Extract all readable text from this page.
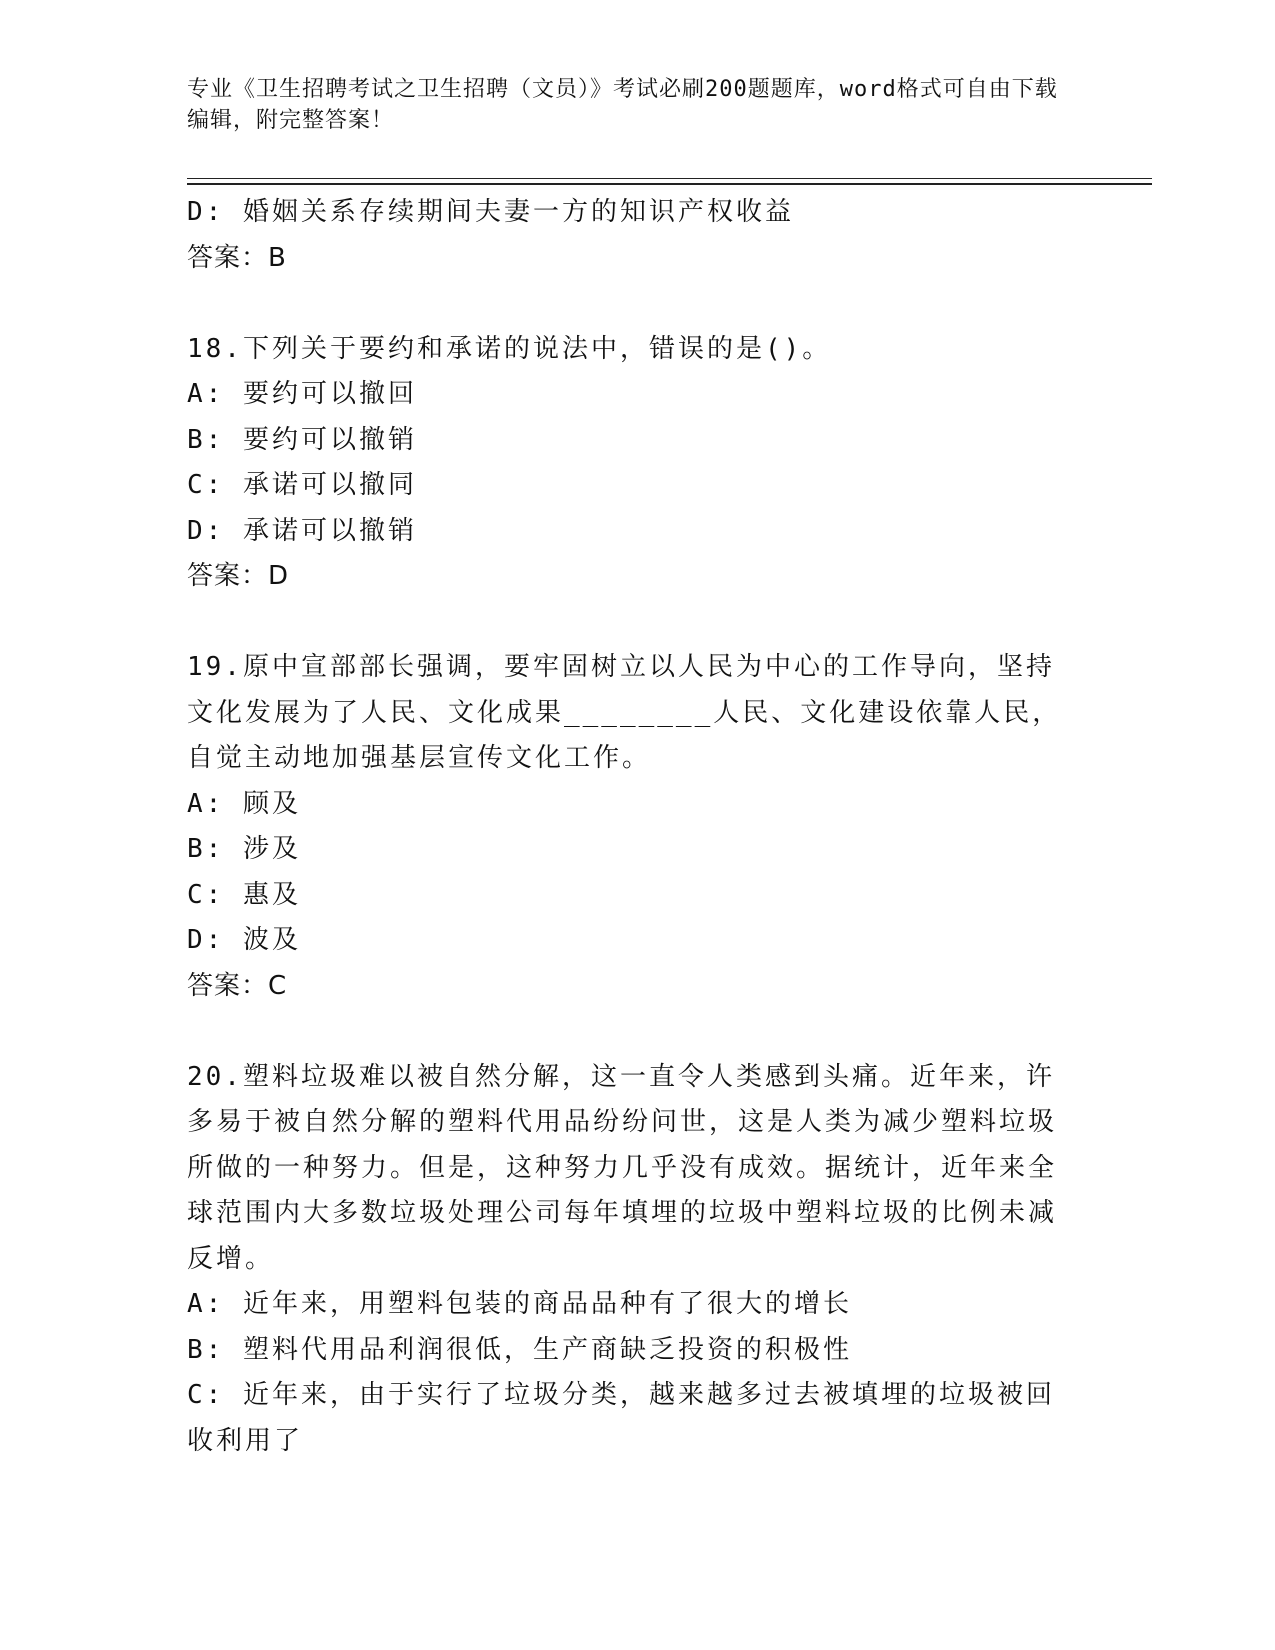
专业《卫生招聘考试之卫生招聘（文员）》考试必刷200题题库，word格式可自由下载编辑，附完整答案！
D: 婚姻关系存续期间夫妻一方的知识产权收益
答案：B
18.下列关于要约和承诺的说法中，错误的是()。
A: 要约可以撤回
B: 要约可以撤销
C: 承诺可以撤同
D: 承诺可以撤销
答案：D
19.原中宣部部长强调，要牢固树立以人民为中心的工作导向，坚持文化发展为了人民、文化成果________人民、文化建设依靠人民，自觉主动地加强基层宣传文化工作。
A: 顾及
B: 涉及
C: 惠及
D: 波及
答案：C
20.塑料垃圾难以被自然分解，这一直令人类感到头痛。近年来，许多易于被自然分解的塑料代用品纷纷问世，这是人类为减少塑料垃圾所做的一种努力。但是，这种努力几乎没有成效。据统计，近年来全球范围内大多数垃圾处理公司每年填埋的垃圾中塑料垃圾的比例未减反增。
A: 近年来，用塑料包装的商品品种有了很大的增长
B: 塑料代用品利润很低，生产商缺乏投资的积极性
C: 近年来，由于实行了垃圾分类，越来越多过去被填埋的垃圾被回收利用了
